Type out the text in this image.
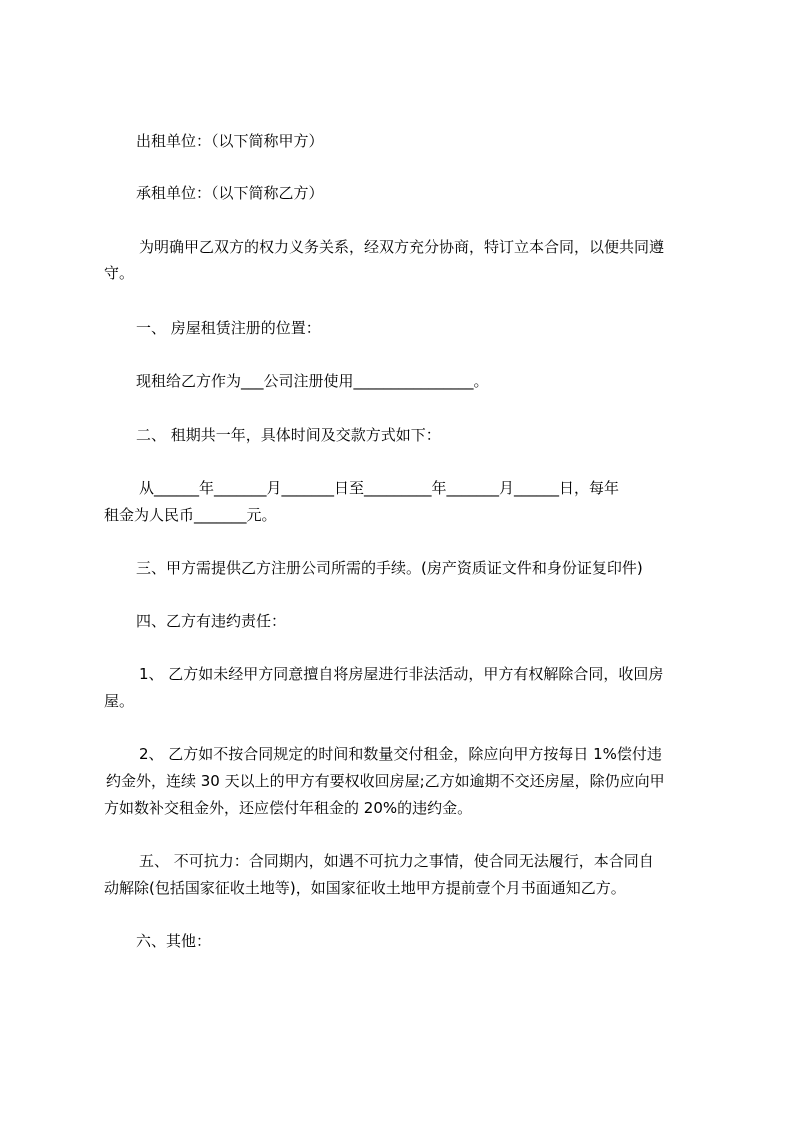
出租单位：（以下简称甲方）
承租单位：（以下简称乙方）
为明确甲乙双方的权力义务关系，经双方充分协商，特订立本合同，以便共同遵
守。
一、 房屋租赁注册的位置：
现租给乙方作为___公司注册使用________________。
二、 租期共一年，具体时间及交款方式如下：
从______年_______月_______日至_________年_______月______日，每年
租金为人民币_______元。
三、甲方需提供乙方注册公司所需的手续。(房产资质证文件和身份证复印件)
四、乙方有违约责任：
1、 乙方如未经甲方同意擅自将房屋进行非法活动，甲方有权解除合同，收回房
屋。
2、 乙方如不按合同规定的时间和数量交付租金，除应向甲方按每日 1%偿付违
约金外，连续 30 天以上的甲方有要权收回房屋;乙方如逾期不交还房屋，除仍应向甲
方如数补交租金外，还应偿付年租金的 20%的违约金。
五、 不可抗力：合同期内，如遇不可抗力之事情，使合同无法履行，本合同自
动解除(包括国家征收土地等)，如国家征收土地甲方提前壹个月书面通知乙方。
六、其他：
